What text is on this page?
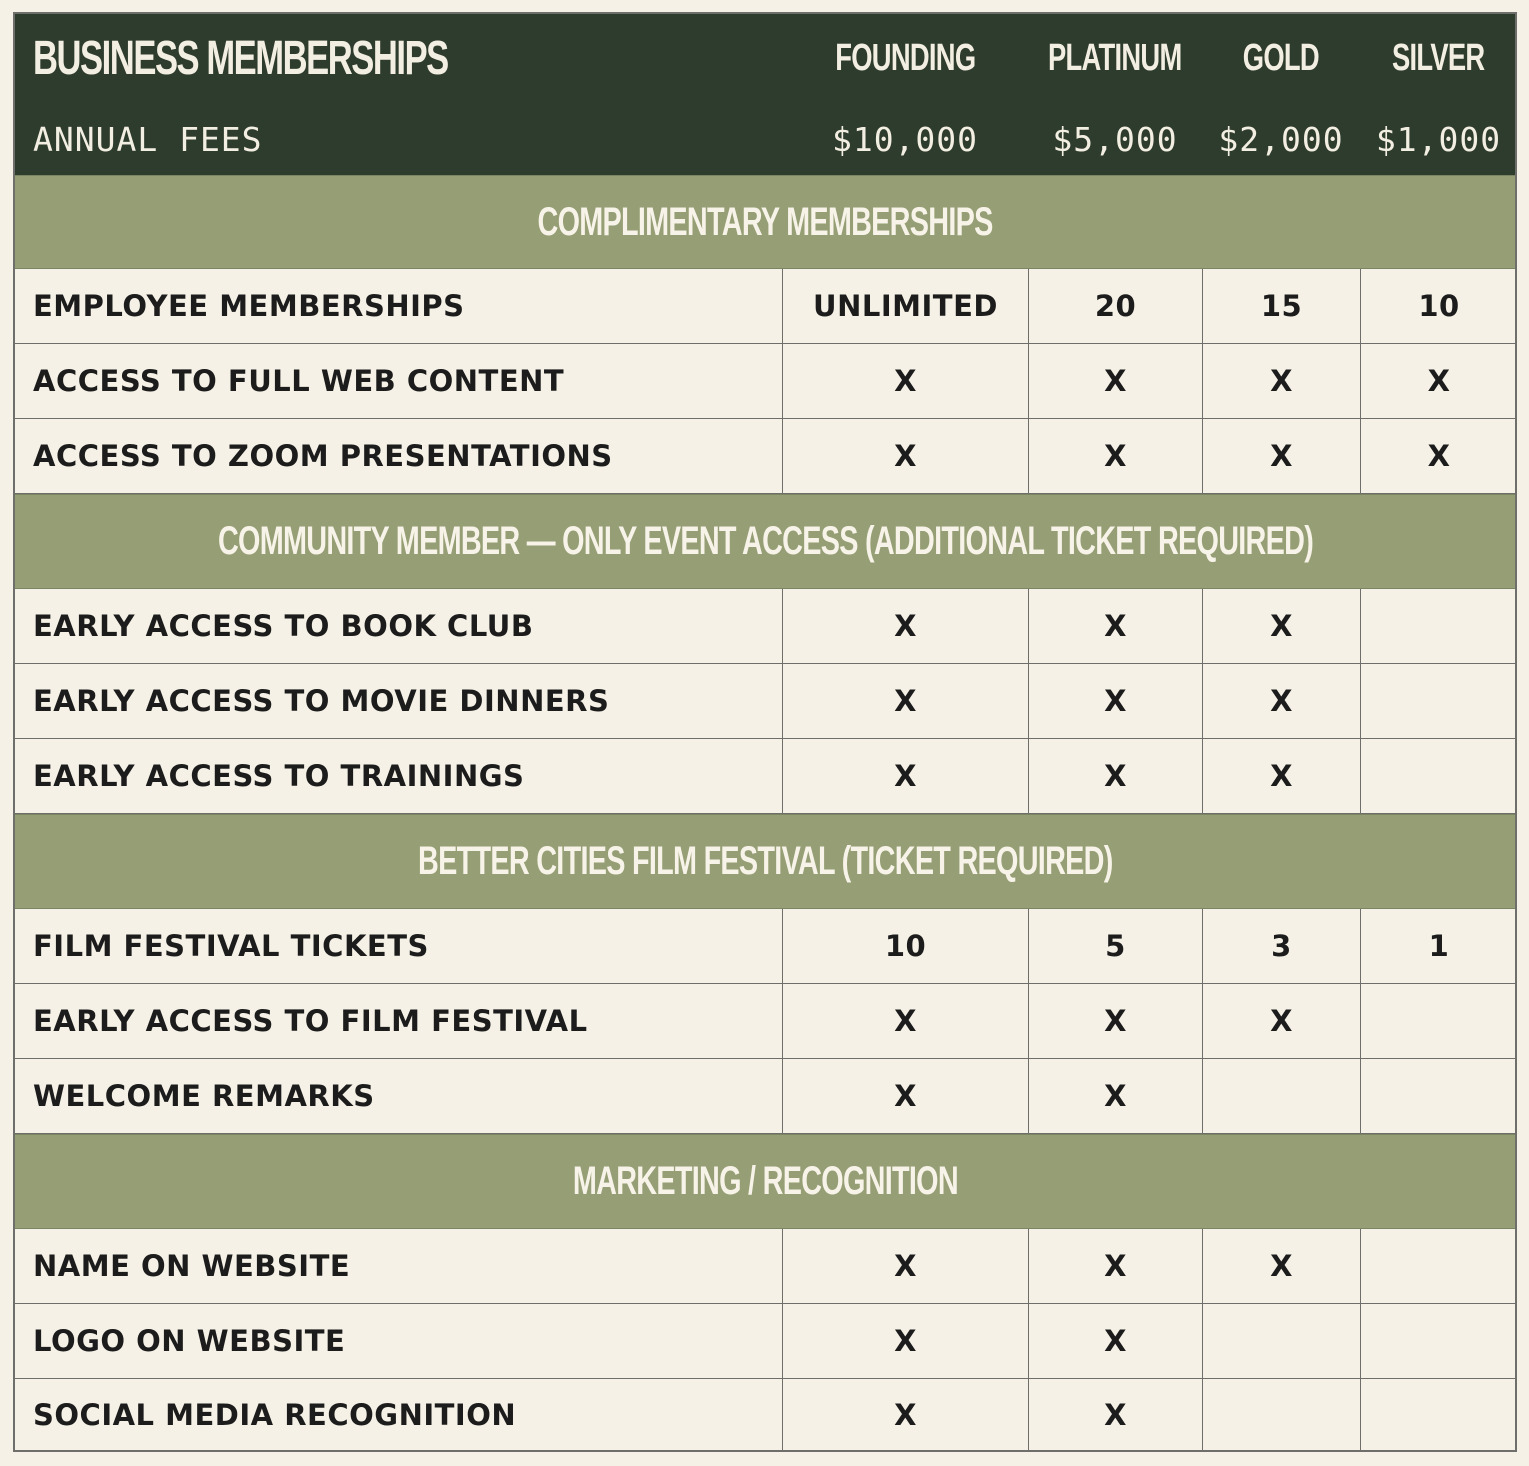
BUSINESS MEMBERSHIPS	FOUNDING PLATINUM GOLD SILVER
ANNUAL FEES	$10,000 $5,000 $2,000 $1,000
COMPLIMENTARY MEMBERSHIPS
EMPLOYEE MEMBERSHIPS	UNLIMITED	20	15	10
ACCESS TO FULL WEB CONTENT	X	X	X	X
ACCESS TO ZOOM PRESENTATIONS	X	X	X	X
COMMUNITY MEMBER — ONLY EVENT ACCESS (ADDITIONAL TICKET REQUIRED)
EARLY ACCESS TO BOOK CLUB	X	X	X
EARLY ACCESS TO MOVIE DINNERS	X	X	X
EARLY ACCESS TO TRAININGS	X	X	X
BETTER CITIES FILM FESTIVAL (TICKET REQUIRED)
FILM FESTIVAL TICKETS	10	5	3	1
EARLY ACCESS TO FILM FESTIVAL	X	X	X
WELCOME REMARKS	X	X
MARKETING / RECOGNITION
NAME ON WEBSITE	X	X	X
LOGO ON WEBSITE	X	X
SOCIAL MEDIA RECOGNITION	X	X
